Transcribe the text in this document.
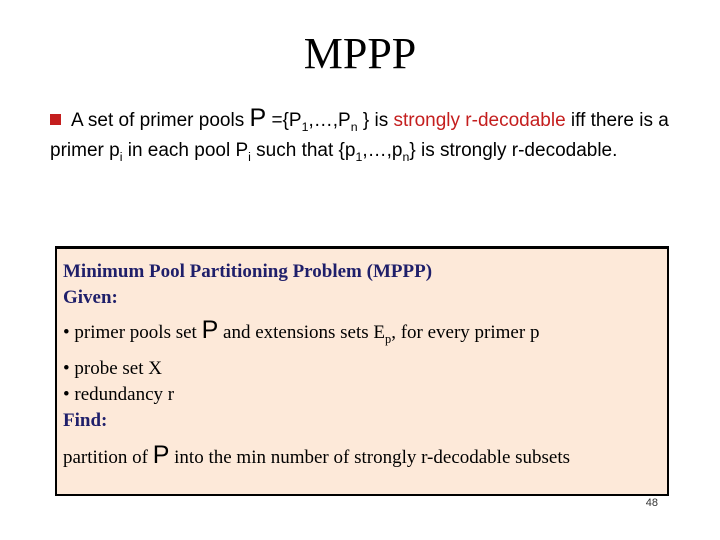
MPPP
A set of primer pools $P =\{P_1,\dots,P_n$ } is strongly r-decodable iff there is a primer $p_i$ in each pool $P_i$ such that $\{p_1,\dots,p_n\}$ is strongly r-decodable.
Minimum Pool Partitioning Problem (MPPP)
Given:
• primer pools set P and extensions sets $E_p$, for every primer p
• probe set X
• redundancy r
Find:
partition of P into the min number of strongly r-decodable subsets
48
